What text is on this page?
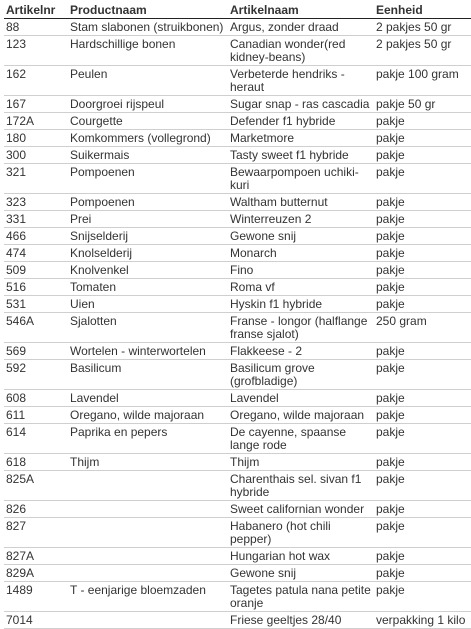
Artikelnr	Productnaam	Artikelnaam	Eenheid
88	Stam slabonen (struikbonen)	Argus, zonder draad	2 pakjes 50 gr
123	Hardschillige bonen	Canadian wonder(red kidney-beans)	2 pakjes 50 gr
162	Peulen	Verbeterde hendriks - heraut	pakje 100 gram
167	Doorgroei rijspeul	Sugar snap - ras cascadia	pakje 50 gr
172A	Courgette	Defender f1 hybride	pakje
180	Komkommers (vollegrond)	Marketmore	pakje
300	Suikermais	Tasty sweet f1 hybride	pakje
321	Pompoenen	Bewaarpompoen uchiki-kuri	pakje
323	Pompoenen	Waltham butternut	pakje
331	Prei	Winterreuzen 2	pakje
466	Snijselderij	Gewone snij	pakje
474	Knolselderij	Monarch	pakje
509	Knolvenkel	Fino	pakje
516	Tomaten	Roma vf	pakje
531	Uien	Hyskin f1 hybride	pakje
546A	Sjalotten	Franse - longor (halflange franse sjalot)	250 gram
569	Wortelen - winterwortelen	Flakkeese - 2	pakje
592	Basilicum	Basilicum grove (grofbladige)	pakje
608	Lavendel	Lavendel	pakje
611	Oregano, wilde majoraan	Oregano, wilde majoraan	pakje
614	Paprika en pepers	De cayenne, spaanse lange rode	pakje
618	Thijm	Thijm	pakje
825A		Charenthais sel. sivan f1 hybride	pakje
826		Sweet californian wonder	pakje
827		Habanero (hot chili pepper)	pakje
827A		Hungarian hot wax	pakje
829A		Gewone snij	pakje
1489	T - eenjarige bloemzaden	Tagetes patula nana petite oranje	pakje
7014		Friese geeltjes 28/40	verpakking 1 kilo
